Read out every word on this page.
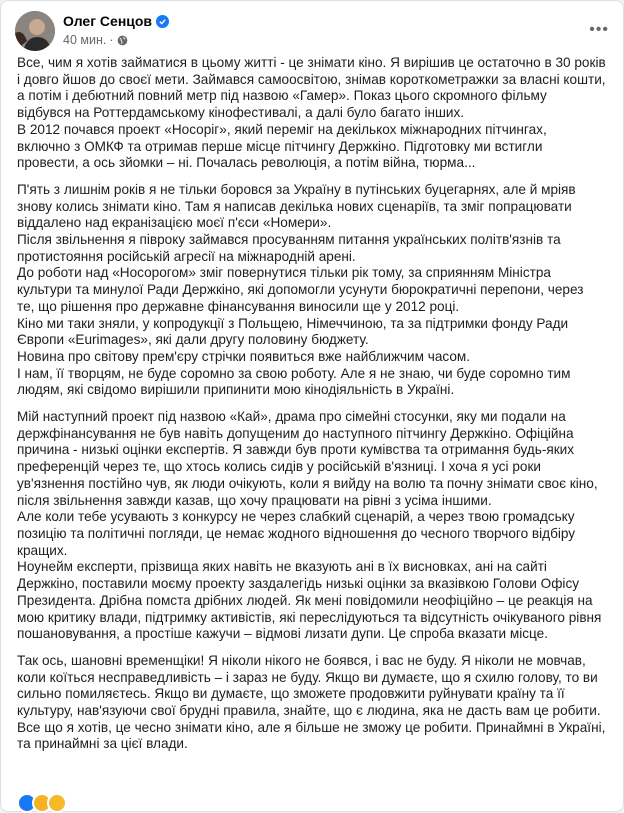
Олег Сенцов
40 мин. ·
•••
Все, чим я хотів займатися в цьому житті - це знімати кіно. Я вирішив це остаточно в 30 років
і довго йшов до своєї мети. Займався самоосвітою, знімав короткометражки за власні кошти,
а потім і дебютний повний метр під назвою «Гамер». Показ цього скромного фільму
відбувся на Роттердамському кінофестивалі, а далі було багато інших.
В 2012 почався проект «Носоріг», який переміг на декількох міжнародних пітчингах,
включно з ОМКФ та отримав перше місце пітчингу Держкіно. Підготовку ми встигли
провести, а ось зйомки – ні. Почалась революція, а потім війна, тюрма...
П'ять з лишнім років я не тільки боровся за Україну в путінських буцегарнях, але й мріяв
знову колись знімати кіно. Там я написав декілька нових сценаріїв, та зміг попрацювати
віддалено над екранізацією моєї п'єси «Номери».
Після звільнення я півроку займався просуванням питання українських політв'язнів та
протистояння російській агресії на міжнародній арені.
До роботи над «Носорогом» зміг повернутися тільки рік тому, за сприянням Міністра
культури та минулої Ради Держкіно, які допомогли усунути бюрократичні перепони, через
те, що рішення про державне фінансування виносили ще у 2012 році.
Кіно ми таки зняли, у копродукції з Польщею, Німеччиною, та за підтримки фонду Ради
Європи «Eurimages», які дали другу половину бюджету.
Новина про світову прем'єру стрічки появиться вже найближчим часом.
І нам, її творцям, не буде соромно за свою роботу. Але я не знаю, чи буде соромно тим
людям, які свідомо вирішили припинити мою кінодіяльність в Україні.
Мій наступний проект під назвою «Кай», драма про сімейні стосунки, яку ми подали на
держфінансування не був навіть допущеним до наступного пітчингу Держкіно. Офіційна
причина - низькі оцінки експертів. Я завжди був проти кумівства та отримання будь-яких
преференцій через те, що хтось колись сидів у російській в'язниці. І хоча я усі роки
ув'язнення постійно чув, як люди очікують, коли я вийду на волю та почну знімати своє кіно,
після звільнення завжди казав, що хочу працювати на рівні з усіма іншими.
Але коли тебе усувають з конкурсу не через слабкий сценарій, а через твою громадську
позицію та політичні погляди, це немає жодного відношення до чесного творчого відбіру
кращих.
Ноунейм експерти, прізвища яких навіть не вказують ані в їх висновках, ані на сайті
Держкіно, поставили моєму проекту заздалегідь низькі оцінки за вказівкою Голови Офісу
Президента. Дрібна помста дрібних людей. Як мені повідомили неофіційно – це реакція на
мою критику влади, підтримку активістів, які переслідуються та відсутність очікуваного рівня
пошановування, а простіше кажучи – відмові лизати дупи. Це спроба вказати місце.
Так ось, шановні временщіки! Я ніколи нікого не боявся, і вас не буду. Я ніколи не мовчав,
коли коїться несправедливість – і зараз не буду. Якщо ви думаєте, що я схилю голову, то ви
сильно помиляєтесь. Якщо ви думаєте, що зможете продовжити руйнувати країну та її
культуру, нав'язуючи свої брудні правила, знайте, що є людина, яка не дасть вам це робити.
Все що я хотів, це чесно знімати кіно, але я більше не зможу це робити. Принаймні в Україні,
та принаймні за цієї влади.
